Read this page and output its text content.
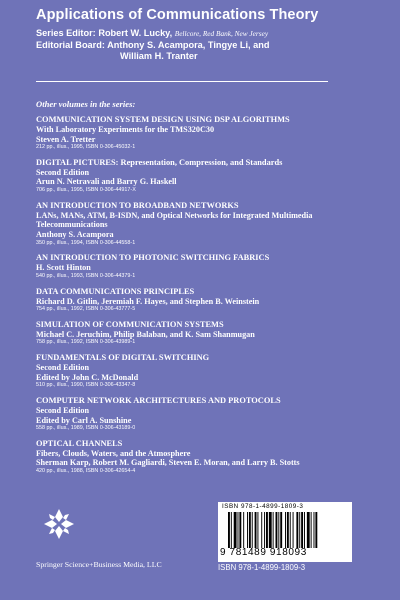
Applications of Communications Theory
Series Editor: Robert W. Lucky, Bellcore, Red Bank, New Jersey
Editorial Board: Anthony S. Acampora, Tingye Li, and
William H. Tranter
Other volumes in the series:
COMMUNICATION SYSTEM DESIGN USING DSP ALGORITHMS
With Laboratory Experiments for the TMS320C30
Steven A. Tretter
212 pp., illus., 1995, ISBN 0-306-45032-1
DIGITAL PICTURES: Representation, Compression, and Standards
Second Edition
Arun N. Netravali and Barry G. Haskell
706 pp., illus., 1995, ISBN 0-306-44917-X
AN INTRODUCTION TO BROADBAND NETWORKS
LANs, MANs, ATM, B-ISDN, and Optical Networks for Integrated Multimedia
Telecommunications
Anthony S. Acampora
350 pp., illus., 1994, ISBN 0-306-44558-1
AN INTRODUCTION TO PHOTONIC SWITCHING FABRICS
H. Scott Hinton
540 pp., illus., 1993, ISBN 0-306-44379-1
DATA COMMUNICATIONS PRINCIPLES
Richard D. Gitlin, Jeremiah F. Hayes, and Stephen B. Weinstein
754 pp., illus., 1992, ISBN 0-306-43777-5
SIMULATION OF COMMUNICATION SYSTEMS
Michael C. Jeruchim, Philip Balaban, and K. Sam Shanmugan
758 pp., illus., 1992, ISBN 0-306-43989-1
FUNDAMENTALS OF DIGITAL SWITCHING
Second Edition
Edited by John C. McDonald
510 pp., illus., 1990, ISBN 0-306-43347-8
COMPUTER NETWORK ARCHITECTURES AND PROTOCOLS
Second Edition
Edited by Carl A. Sunshine
558 pp., illus., 1989, ISBN 0-306-43189-0
OPTICAL CHANNELS
Fibers, Clouds, Waters, and the Atmosphere
Sherman Karp, Robert M. Gagliardi, Steven E. Moran, and Larry B. Stotts
420 pp., illus., 1988, ISBN 0-306-42654-4
Springer Science+Business Media, LLC
ISBN 978-1-4899-1809-3
9 781489 918093
ISBN 978-1-4899-1809-3
